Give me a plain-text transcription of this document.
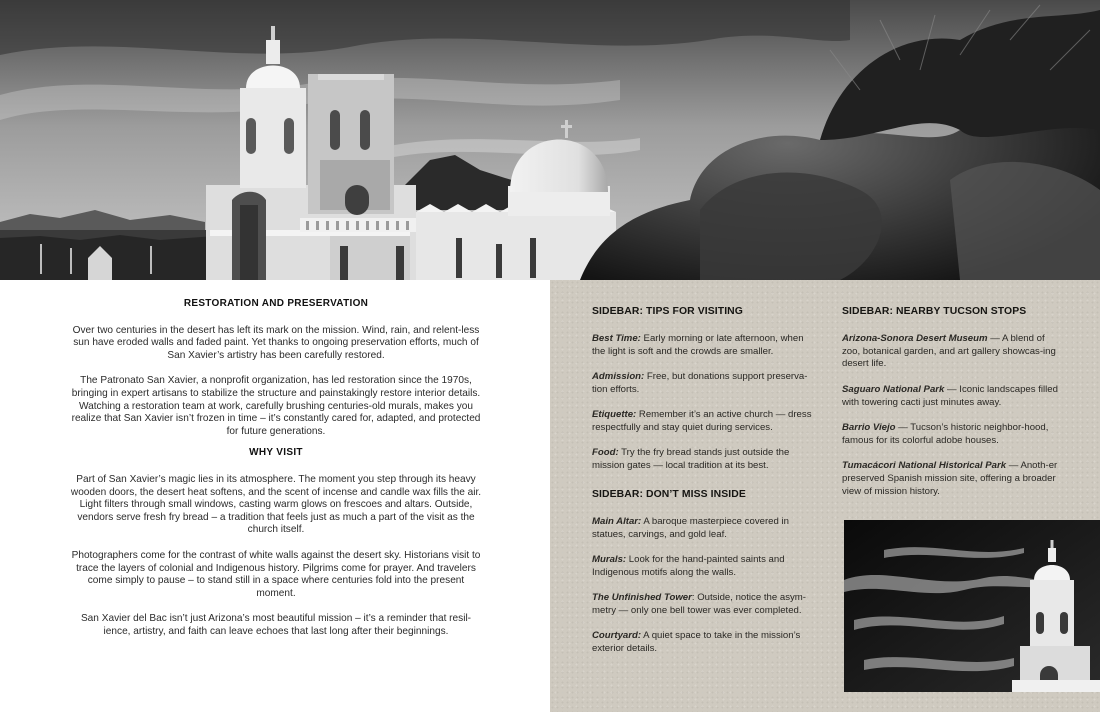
RESTORATION AND PRESERVATION

Over two centuries in the desert has left its mark on the mission. Wind, rain, and relent-less sun have eroded walls and faded paint. Yet thanks to ongoing preservation efforts, much of San Xavier’s artistry has been carefully restored.

The Patronato San Xavier, a nonprofit organization, has led restoration since the 1970s, bringing in expert artisans to stabilize the structure and painstakingly restore interior details. Watching a restoration team at work, carefully brushing centuries-old murals, makes you realize that San Xavier isn’t frozen in time – it’s constantly cared for, adapted, and protected for future generations.

WHY VISIT

Part of San Xavier’s magic lies in its atmosphere. The moment you step through its heavy wooden doors, the desert heat softens, and the scent of incense and candle wax fills the air. Light filters through small windows, casting warm glows on frescoes and altars. Outside, vendors serve fresh fry bread – a tradition that feels just as much a part of the visit as the church itself.

Photographers come for the contrast of white walls against the desert sky. Historians visit to trace the layers of colonial and Indigenous history. Pilgrims come for prayer. And travelers come simply to pause – to stand still in a space where centuries fold into the present moment.

San Xavier del Bac isn’t just Arizona’s most beautiful mission – it’s a reminder that resil-ience, artistry, and faith can leave echoes that last long after their beginnings.

SIDEBAR: TIPS FOR VISITING

Best Time: Early morning or late afternoon, when the light is soft and the crowds are smaller.

Admission: Free, but donations support preserva-tion efforts.

Etiquette: Remember it’s an active church — dress respectfully and stay quiet during services.

Food: Try the fry bread stands just outside the mission gates — local tradition at its best.

SIDEBAR: DON’T MISS INSIDE

Main Altar: A baroque masterpiece covered in statues, carvings, and gold leaf.

Murals: Look for the hand-painted saints and Indigenous motifs along the walls.

The Unfinished Tower: Outside, notice the asym-metry — only one bell tower was ever completed.

Courtyard: A quiet space to take in the mission’s exterior details.

SIDEBAR: NEARBY TUCSON STOPS

Arizona-Sonora Desert Museum — A blend of zoo, botanical garden, and art gallery showcas-ing desert life.

Saguaro National Park — Iconic landscapes filled with towering cacti just minutes away.

Barrio Viejo — Tucson’s historic neighbor-hood, famous for its colorful adobe houses.

Tumacácori National Historical Park — Anoth-er preserved Spanish mission site, offering a broader view of mission history.
